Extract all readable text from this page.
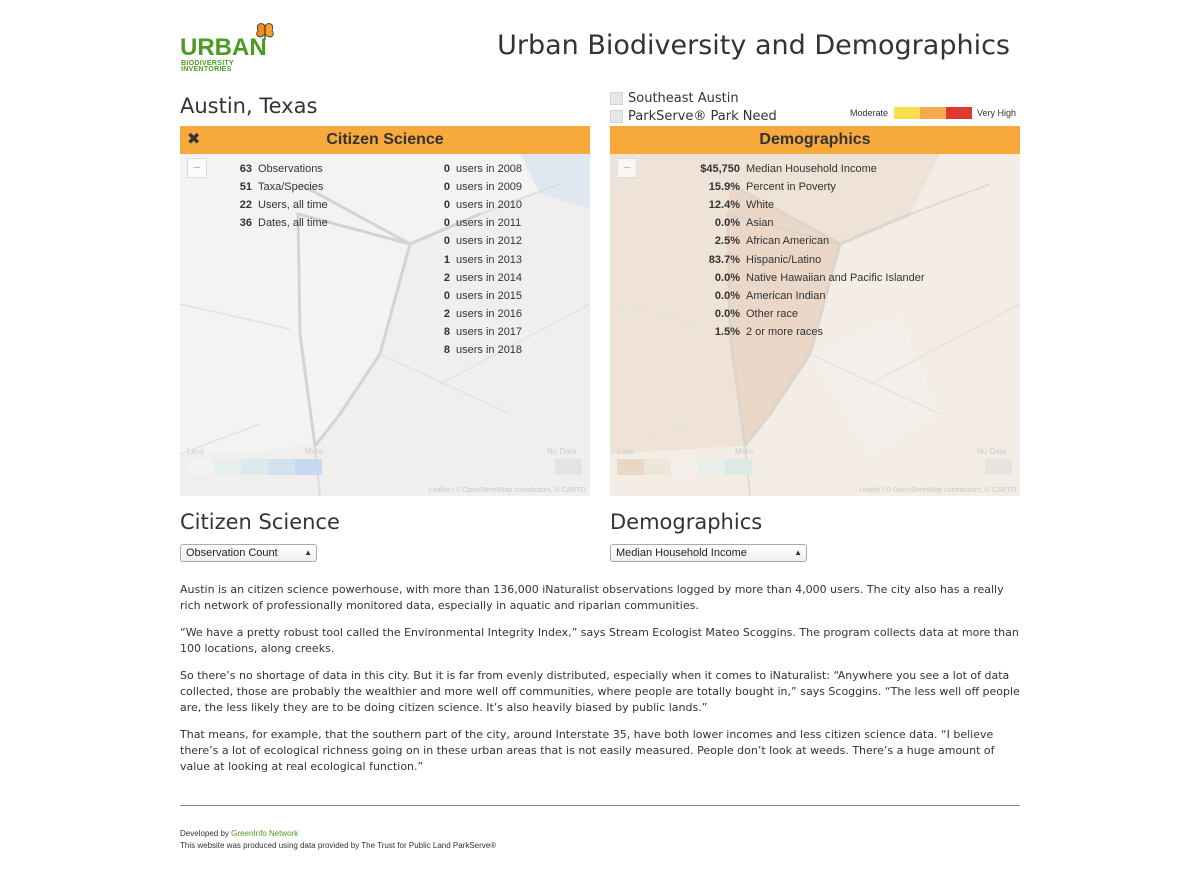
URBAN
BIODIVERSITY
INVENTORIES
Urban Biodiversity and Demographics
Austin, Texas	Southeast Austin
ParkServe® Park Need	Moderate	Very High
✖	Citizen Science
−	63 Observations
51 Taxa/Species
22 Users, all time
36 Dates, all time
0 users in 2008
0 users in 2009
0 users in 2010
0 users in 2011
0 users in 2012
1 users in 2013
2 users in 2014
0 users in 2015
2 users in 2016
8 users in 2017
8 users in 2018
Less	More	No Data
Leaflet | © OpenStreetMap contributors, © CARTO
Demographics
−	$45,750 Median Household Income
15.9% Percent in Poverty
12.4% White
0.0% Asian
2.5% African American
83.7% Hispanic/Latino
0.0% Native Hawaiian and Pacific Islander
0.0% American Indian
0.0% Other race
1.5% 2 or more races
Less	More	No Data
Leaflet | © OpenStreetMap contributors, © CARTO
Citizen Science
Observation Count	▲

Demographics
Median Household Income	▲

Austin is an citizen science powerhouse, with more than 136,000 iNaturalist observations logged by more than 4,000 users. The city also has a really rich network of professionally monitored data, especially in aquatic and riparian communities.

“We have a pretty robust tool called the Environmental Integrity Index,” says Stream Ecologist Mateo Scoggins. The program collects data at more than 100 locations, along creeks.

So there’s no shortage of data in this city. But it is far from evenly distributed, especially when it comes to iNaturalist: “Anywhere you see a lot of data collected, those are probably the wealthier and more well off communities, where people are totally bought in,” says Scoggins. “The less well off people are, the less likely they are to be doing citizen science. It’s also heavily biased by public lands.”

That means, for example, that the southern part of the city, around Interstate 35, have both lower incomes and less citizen science data. “I believe there’s a lot of ecological richness going on in these urban areas that is not easily measured. People don’t look at weeds. There’s a huge amount of value at looking at real ecological function.”

Developed by GreenInfo Network
This website was produced using data provided by The Trust for Public Land ParkServe®
